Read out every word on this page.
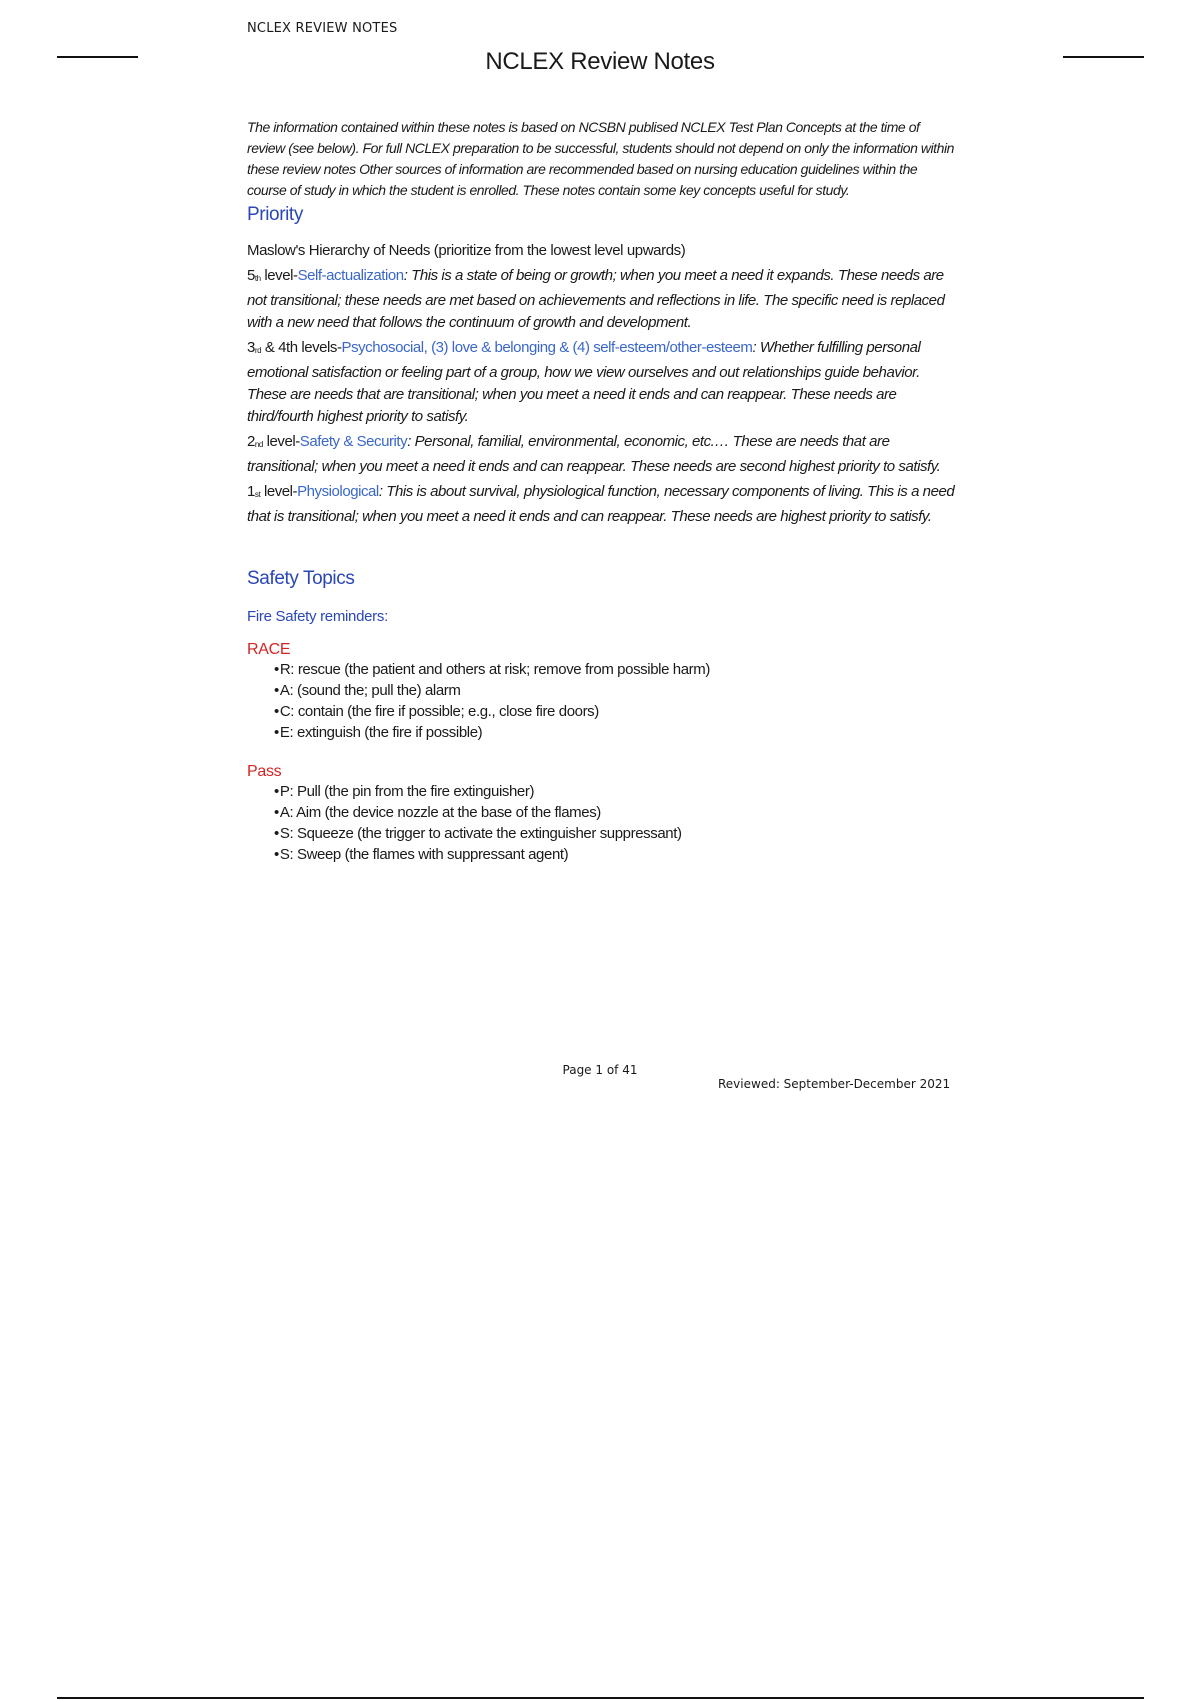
NCLEX REVIEW NOTES
NCLEX Review Notes

The information contained within these notes is based on NCSBN publised NCLEX Test Plan Concepts at the time of review (see below). For full NCLEX preparation to be successful, students should not depend on only the information within these review notes Other sources of information are recommended based on nursing education guidelines within the course of study in which the student is enrolled. These notes contain some key concepts useful for study.

Priority

Maslow's Hierarchy of Needs (prioritize from the lowest level upwards)

$5_{th}$ level-Self-actualization: This is a state of being or growth; when you meet a need it expands. These needs are not transitional; these needs are met based on achievements and reflections in life. The specific need is replaced with a new need that follows the continuum of growth and development.

$3_{rd}$ & 4th levels-Psychosocial, (3) love & belonging & (4) self-esteem/other-esteem: Whether fulfilling personal emotional satisfaction or feeling part of a group, how we view ourselves and out relationships guide behavior. These are needs that are transitional; when you meet a need it ends and can reappear. These needs are third/fourth highest priority to satisfy.

$2_{nd}$ level-Safety & Security: Personal, familial, environmental, economic, etc.… These are needs that are transitional; when you meet a need it ends and can reappear. These needs are second highest priority to satisfy.

$1_{st}$ level-Physiological: This is about survival, physiological function, necessary components of living. This is a need that is transitional; when you meet a need it ends and can reappear. These needs are highest priority to satisfy.

Safety Topics

Fire Safety reminders:

RACE

• R: rescue (the patient and others at risk; remove from possible harm)
• A: (sound the; pull the) alarm
• C: contain (the fire if possible; e.g., close fire doors)
• E: extinguish (the fire if possible)

Pass

• P: Pull (the pin from the fire extinguisher)
• A: Aim (the device nozzle at the base of the flames)
• S: Squeeze (the trigger to activate the extinguisher suppressant)
• S: Sweep (the flames with suppressant agent)
Page 1 of 41
Reviewed: September-December 2021
